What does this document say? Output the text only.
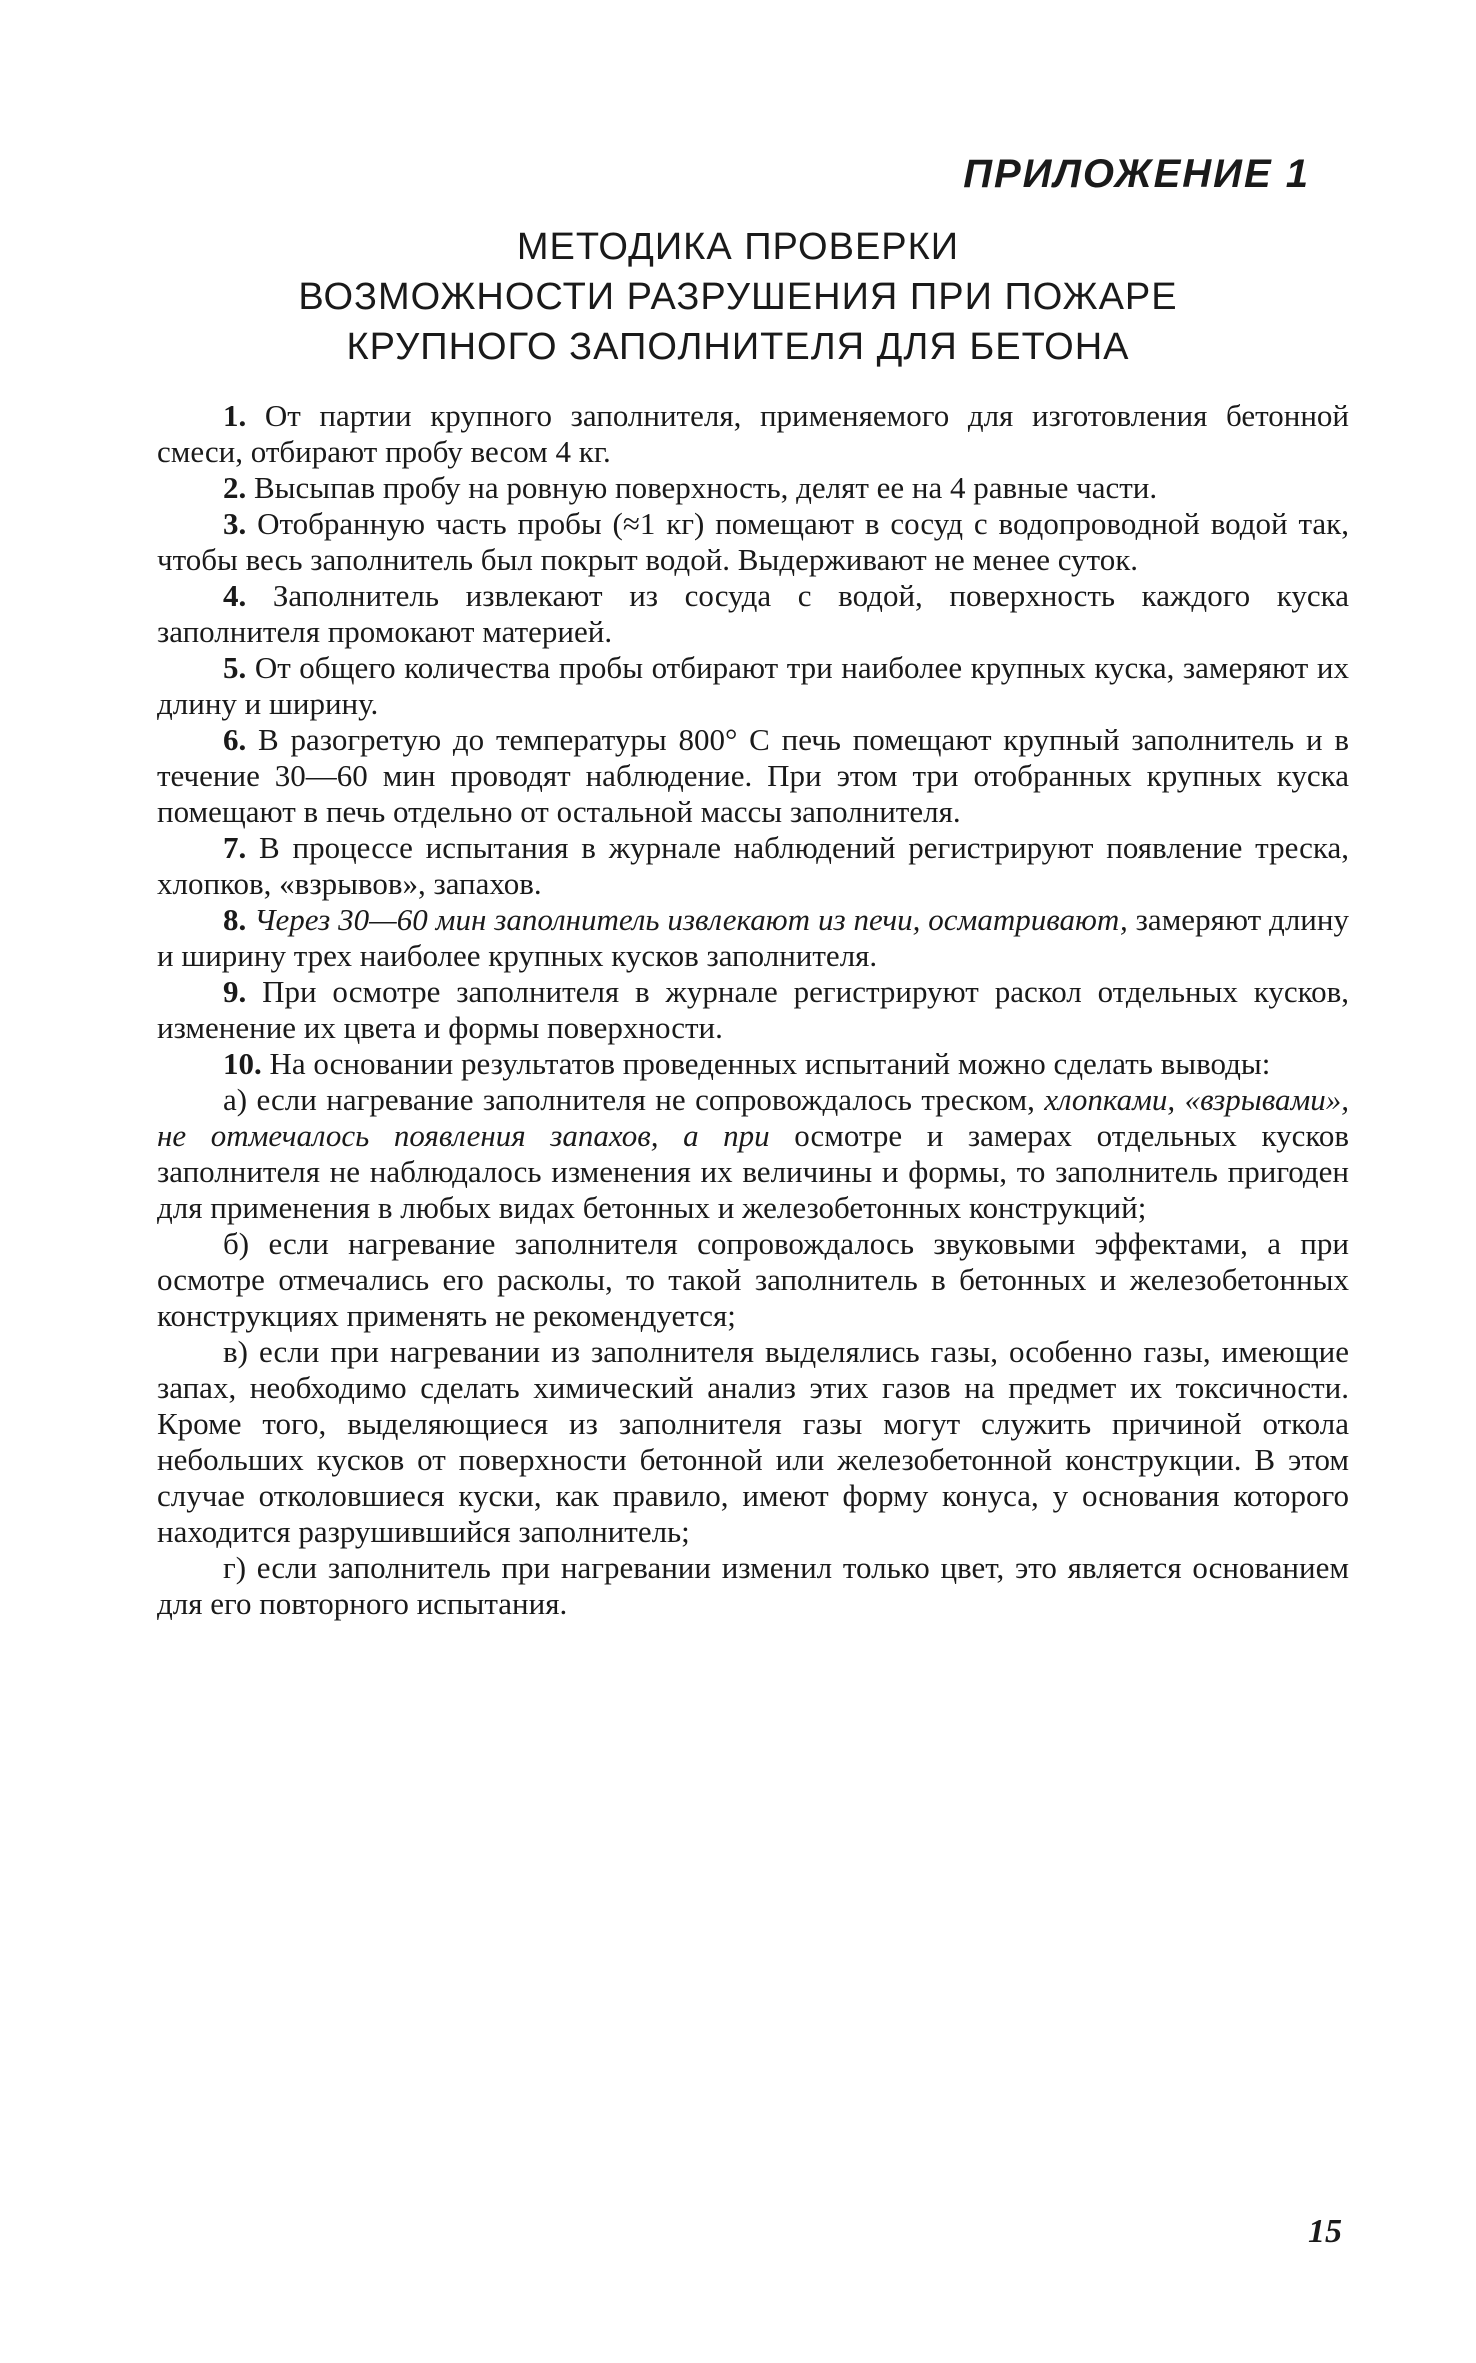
ПРИЛОЖЕНИЕ 1
МЕТОДИКА ПРОВЕРКИ
ВОЗМОЖНОСТИ РАЗРУШЕНИЯ ПРИ ПОЖАРЕ
КРУПНОГО ЗАПОЛНИТЕЛЯ ДЛЯ БЕТОНА

1. От партии крупного заполнителя, применяемого для изготовления бетонной смеси, отбирают пробу весом 4 кг.

2. Высыпав пробу на ровную поверхность, делят ее на 4 равные части.

3. Отобранную часть пробы (≈1 кг) помещают в сосуд с водопроводной водой так, чтобы весь заполнитель был покрыт водой. Выдерживают не менее суток.

4. Заполнитель извлекают из сосуда с водой, поверхность каждого куска заполнителя промокают материей.

5. От общего количества пробы отбирают три наиболее крупных куска, замеряют их длину и ширину.

6. В разогретую до температуры 800° С печь помещают крупный заполнитель и в течение 30—60 мин проводят наблюдение. При этом три отобранных крупных куска помещают в печь отдельно от остальной массы заполнителя.

7. В процессе испытания в журнале наблюдений регистрируют появление треска, хлопков, «взрывов», запахов.

8. Через 30—60 мин заполнитель извлекают из печи, осматривают, замеряют длину и ширину трех наиболее крупных кусков заполнителя.

9. При осмотре заполнителя в журнале регистрируют раскол отдельных кусков, изменение их цвета и формы поверхности.

10. На основании результатов проведенных испытаний можно сделать выводы:

а) если нагревание заполнителя не сопровождалось треском, хлопками, «взрывами», не отмечалось появления запахов, а при осмотре и замерах отдельных кусков заполнителя не наблюдалось изменения их величины и формы, то заполнитель пригоден для применения в любых видах бетонных и железобетонных конструкций;

б) если нагревание заполнителя сопровождалось звуковыми эффектами, а при осмотре отмечались его расколы, то такой заполнитель в бетонных и железобетонных конструкциях применять не рекомендуется;

в) если при нагревании из заполнителя выделялись газы, особенно газы, имеющие запах, необходимо сделать химический анализ этих газов на предмет их токсичности. Кроме того, выделяющиеся из заполнителя газы могут служить причиной откола небольших кусков от поверхности бетонной или железобетонной конструкции. В этом случае отколовшиеся куски, как правило, имеют форму конуса, у основания которого находится разрушившийся заполнитель;

г) если заполнитель при нагревании изменил только цвет, это является основанием для его повторного испытания.

15
